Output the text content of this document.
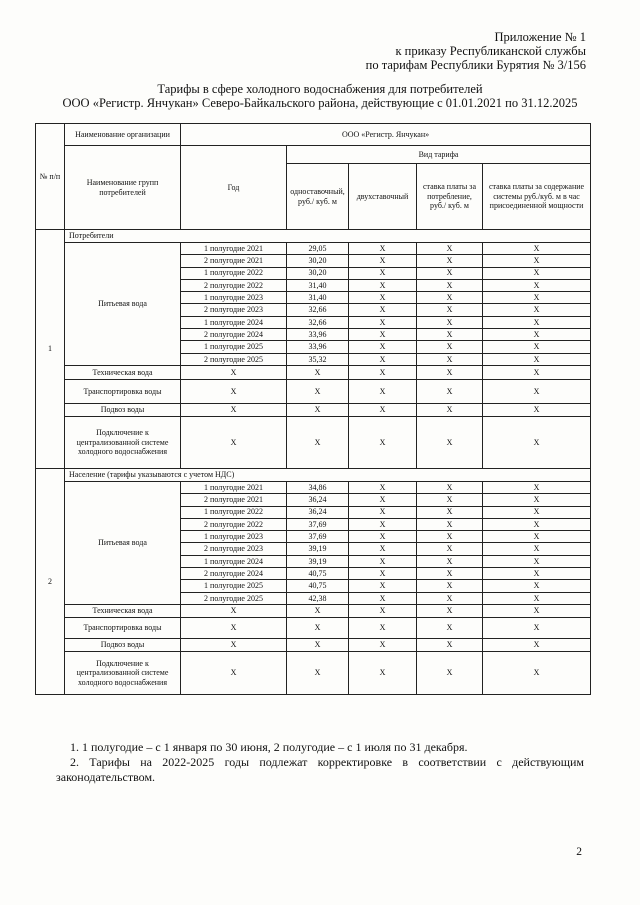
Приложение № 1
к приказу Республиканской службы
по тарифам Республики Бурятия № 3/156
Тарифы в сфере холодного водоснабжения для потребителей
ООО «Регистр. Янчукан» Северо-Байкальского района, действующие с 01.01.2021 по 31.12.2025
№ п/п	Наименование организации	ООО «Регистр. Янчукан»				
	Наименование групп потребителей	Год	Вид тарифа			
			одноставочный, руб./ куб. м	двухставочный	ставка платы за потребление, руб./ куб. м	ставка платы за содержание системы руб./куб. м в час присоединенной мощности
1	Потребители					
	Питьевая вода	1 полугодие 2021	29,05	Х	Х	Х
		2 полугодие 2021	30,20	Х	Х	Х
		1 полугодие 2022	30,20	Х	Х	Х
		2 полугодие 2022	31,40	Х	Х	Х
		1 полугодие 2023	31,40	Х	Х	Х
		2 полугодие 2023	32,66	Х	Х	Х
		1 полугодие 2024	32,66	Х	Х	Х
		2 полугодие 2024	33,96	Х	Х	Х
		1 полугодие 2025	33,96	Х	Х	Х
		2 полугодие 2025	35,32	Х	Х	Х
	Техническая вода	Х	Х	Х	Х	Х
	Транспортировка воды	Х	Х	Х	Х	Х
	Подвоз воды	Х	Х	Х	Х	Х
	Подключение к централизованной системе холодного водоснабжения	Х	Х	Х	Х	Х
2	Население (тарифы указываются с учетом НДС)					
	Питьевая вода	1 полугодие 2021	34,86	Х	Х	Х
		2 полугодие 2021	36,24	Х	Х	Х
		1 полугодие 2022	36,24	Х	Х	Х
		2 полугодие 2022	37,69	Х	Х	Х
		1 полугодие 2023	37,69	Х	Х	Х
		2 полугодие 2023	39,19	Х	Х	Х
		1 полугодие 2024	39,19	Х	Х	Х
		2 полугодие 2024	40,75	Х	Х	Х
		1 полугодие 2025	40,75	Х	Х	Х
		2 полугодие 2025	42,38	Х	Х	Х
	Техническая вода	Х	Х	Х	Х	Х
	Транспортировка воды	Х	Х	Х	Х	Х
	Подвоз воды	Х	Х	Х	Х	Х
	Подключение к централизованной системе холодного водоснабжения	Х	Х	Х	Х	Х

1. 1 полугодие – с 1 января по 30 июня, 2 полугодие – с 1 июля по 31 декабря.

2. Тарифы на 2022-2025 годы подлежат корректировке в соответствии с действующим законодательством.

2
